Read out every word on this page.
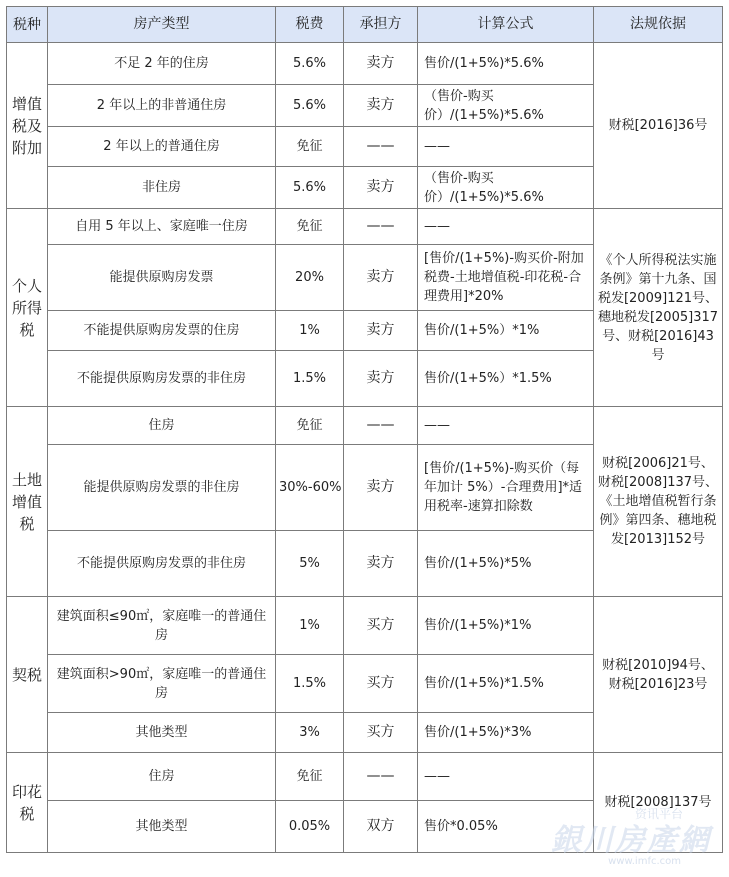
税种	房产类型	税费	承担方	计算公式	法规依据
增值税及附加	不足 2 年的住房	5.6%	卖方	售价/(1+5%)*5.6%	财税[2016]36号
	2 年以上的非普通住房	5.6%	卖方	（售价-购买价）/(1+5%)*5.6%	
	2 年以上的普通住房	免征	——	——	
	非住房	5.6%	卖方	（售价-购买价）/(1+5%)*5.6%	
个人所得税	自用 5 年以上、家庭唯一住房	免征	——	——	《个人所得税法实施条例》第十九条、国税发[2009]121号、穗地税发[2005]317号、财税[2016]43号
	能提供原购房发票	20%	卖方	[售价/(1+5%)-购买价-附加税费-土地增值税-印花税-合理费用]*20%	
	不能提供原购房发票的住房	1%	卖方	售价/(1+5%）*1%	
	不能提供原购房发票的非住房	1.5%	卖方	售价/(1+5%）*1.5%	
土地增值税	住房	免征	——	——	财税[2006]21号、财税[2008]137号、《土地增值税暂行条例》第四条、穗地税发[2013]152号
	能提供原购房发票的非住房	30%-60%	卖方	[售价/(1+5%)-购买价（每年加计 5%）-合理费用]*适用税率-速算扣除数	
	不能提供原购房发票的非住房	5%	卖方	售价/(1+5%)*5%	
契税	建筑面积≤90㎡，家庭唯一的普通住房	1%	买方	售价/(1+5%)*1%	财税[2010]94号、财税[2016]23号
	建筑面积>90㎡，家庭唯一的普通住房	1.5%	买方	售价/(1+5%)*1.5%	
	其他类型	3%	买方	售价/(1+5%)*3%	
印花税	住房	免征	——	——	财税[2008]137号
	其他类型	0.05%	双方	售价*0.05%	
资讯平台
銀川房產網
www.imfc.com
